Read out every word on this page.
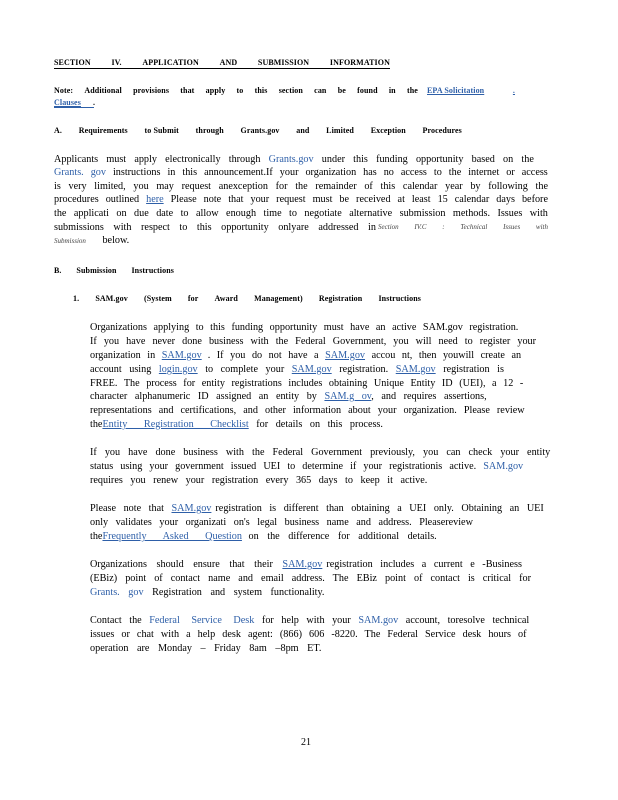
SECTION	IV.	APPLICATION	AND	SUBMISSION	INFORMATION
Note: Additional provisions that apply to this section can be found in the EPA Solicitation	.
Clauses .
A. Requirements to Submit through Grants.gov and Limited Exception Procedures
Applicants must apply electronically through Grants.gov under this funding opportunity based on the
Grants. gov instructions in this announcement.If your organization has no access to the internet or access
is very limited, you may request anexception for the remainder of this calendar year by following the
procedures outlined here Please note that your request must be received at least 15 calendar days before
the applicati on due date to allow enough time to negotiate alternative submission methods. Issues with
submissions with respect to this opportunity onlyare addressed in Section IV.C : Technical Issues with
Submission below.
B. Submission Instructions
1. SAM.gov (System for Award Management) Registration Instructions
Organizations applying to this funding opportunity must have an active SAM.gov registration.
If you have never done business with the Federal Government, you will need to register your
organization in SAM.gov . If you do not have a SAM.gov accou nt, then youwill create an
account using login.gov to complete your SAM.gov registration. SAM.gov registration is
FREE. The process for entity registrations includes obtaining Unique Entity ID (UEI), a 12 -
character alphanumeric ID assigned an entity by SAM.g ov, and requires assertions,
representations and certifications, and other information about your organization. Please review
theEntity Registration Checklist for details on this process.
If you have done business with the Federal Government previously, you can check your entity
status using your government issued UEI to determine if your registrationis active. SAM.gov
requires you renew your registration every 365 days to keep it active.
Please note that SAM.gov registration is different than obtaining a UEI only. Obtaining an UEI
only validates your organizati on's legal business name and address. Pleasereview
theFrequently Asked Question on the difference for additional details.
Organizations should ensure that their SAM.gov registration includes a current e -Business
(EBiz) point of contact name and email address. The EBiz point of contact is critical for
Grants. gov Registration and system functionality.
Contact the Federal Service Desk for help with your SAM.gov account, toresolve technical
issues or chat with a help desk agent: (866) 606 -8220. The Federal Service desk hours of
operation are Monday – Friday 8am –8pm ET.
21
